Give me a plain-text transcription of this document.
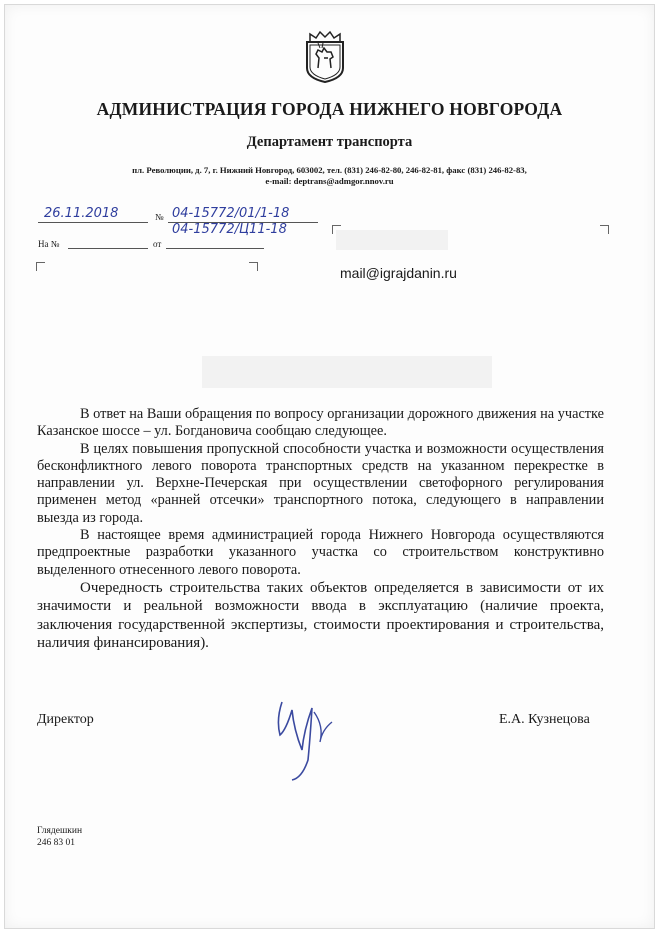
АДМИНИСТРАЦИЯ ГОРОДА НИЖНЕГО НОВГОРОДА
Департамент транспорта
пл. Революции, д. 7, г. Нижний Новгород, 603002, тел. (831) 246-82-80, 246-82-81, факс (831) 246-82-83,
e-mail: deptrans@admgor.nnov.ru
26.11.2018	№ 04-15772/01/1-18
04-15772/Ц11-18
На №	от
mail@igrajdanin.ru

В ответ на Ваши обращения по вопросу организации дорожного движения на участке Казанское шоссе – ул. Богдановича сообщаю следующее.

В целях повышения пропускной способности участка и возможности осуществления бесконфликтного левого поворота транспортных средств на указанном перекрестке в направлении ул. Верхне-Печерская при осуществлении светофорного регулирования применен метод «ранней отсечки» транспортного потока, следующего в направлении выезда из города.

В настоящее время администрацией города Нижнего Новгорода осуществляются предпроектные разработки указанного участка со строительством конструктивно выделенного отнесенного левого поворота.

Очередность строительства таких объектов определяется в зависимости от их значимости и реальной возможности ввода в эксплуатацию (наличие проекта, заключения государственной экспертизы, стоимости проектирования и строительства, наличия финансирования).

Директор	Е.А. Кузнецова
Глядешкин
246 83 01
